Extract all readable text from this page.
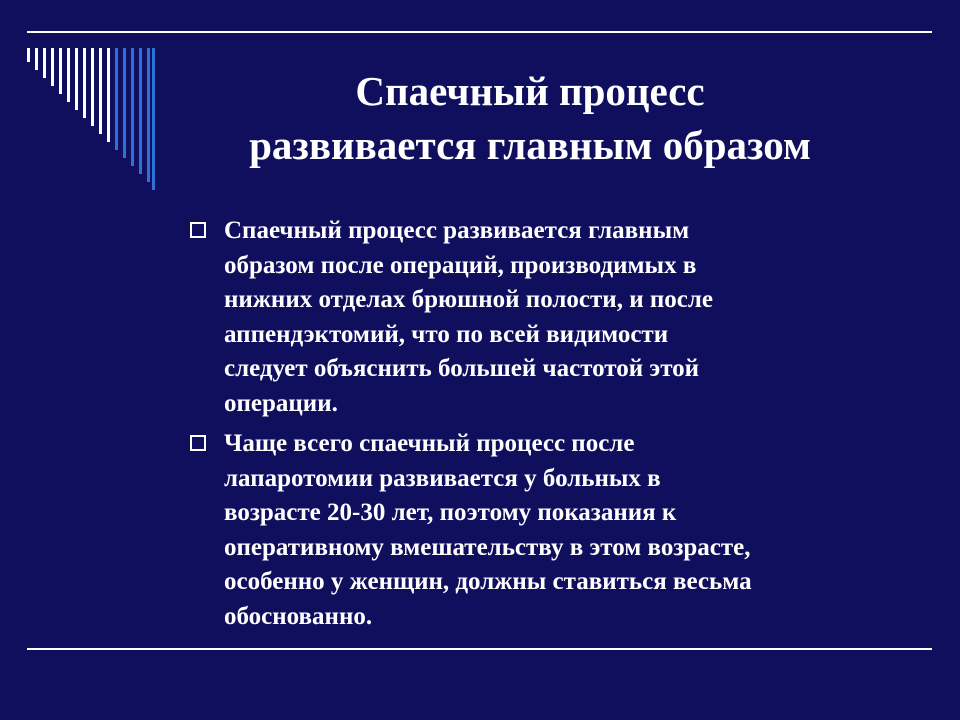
Спаечный процесс
развивается главным образом
Спаечный процесс развивается главным
образом после операций, производимых в
нижних отделах брюшной полости, и после
аппендэктомий, что по всей видимости
следует объяснить большей частотой этой
операции.
Чаще всего спаечный процесс после
лапаротомии развивается у больных в
возрасте 20-30 лет, поэтому показания к
оперативному вмешательству в этом возрасте,
особенно у женщин, должны ставиться весьма
обоснованно.
